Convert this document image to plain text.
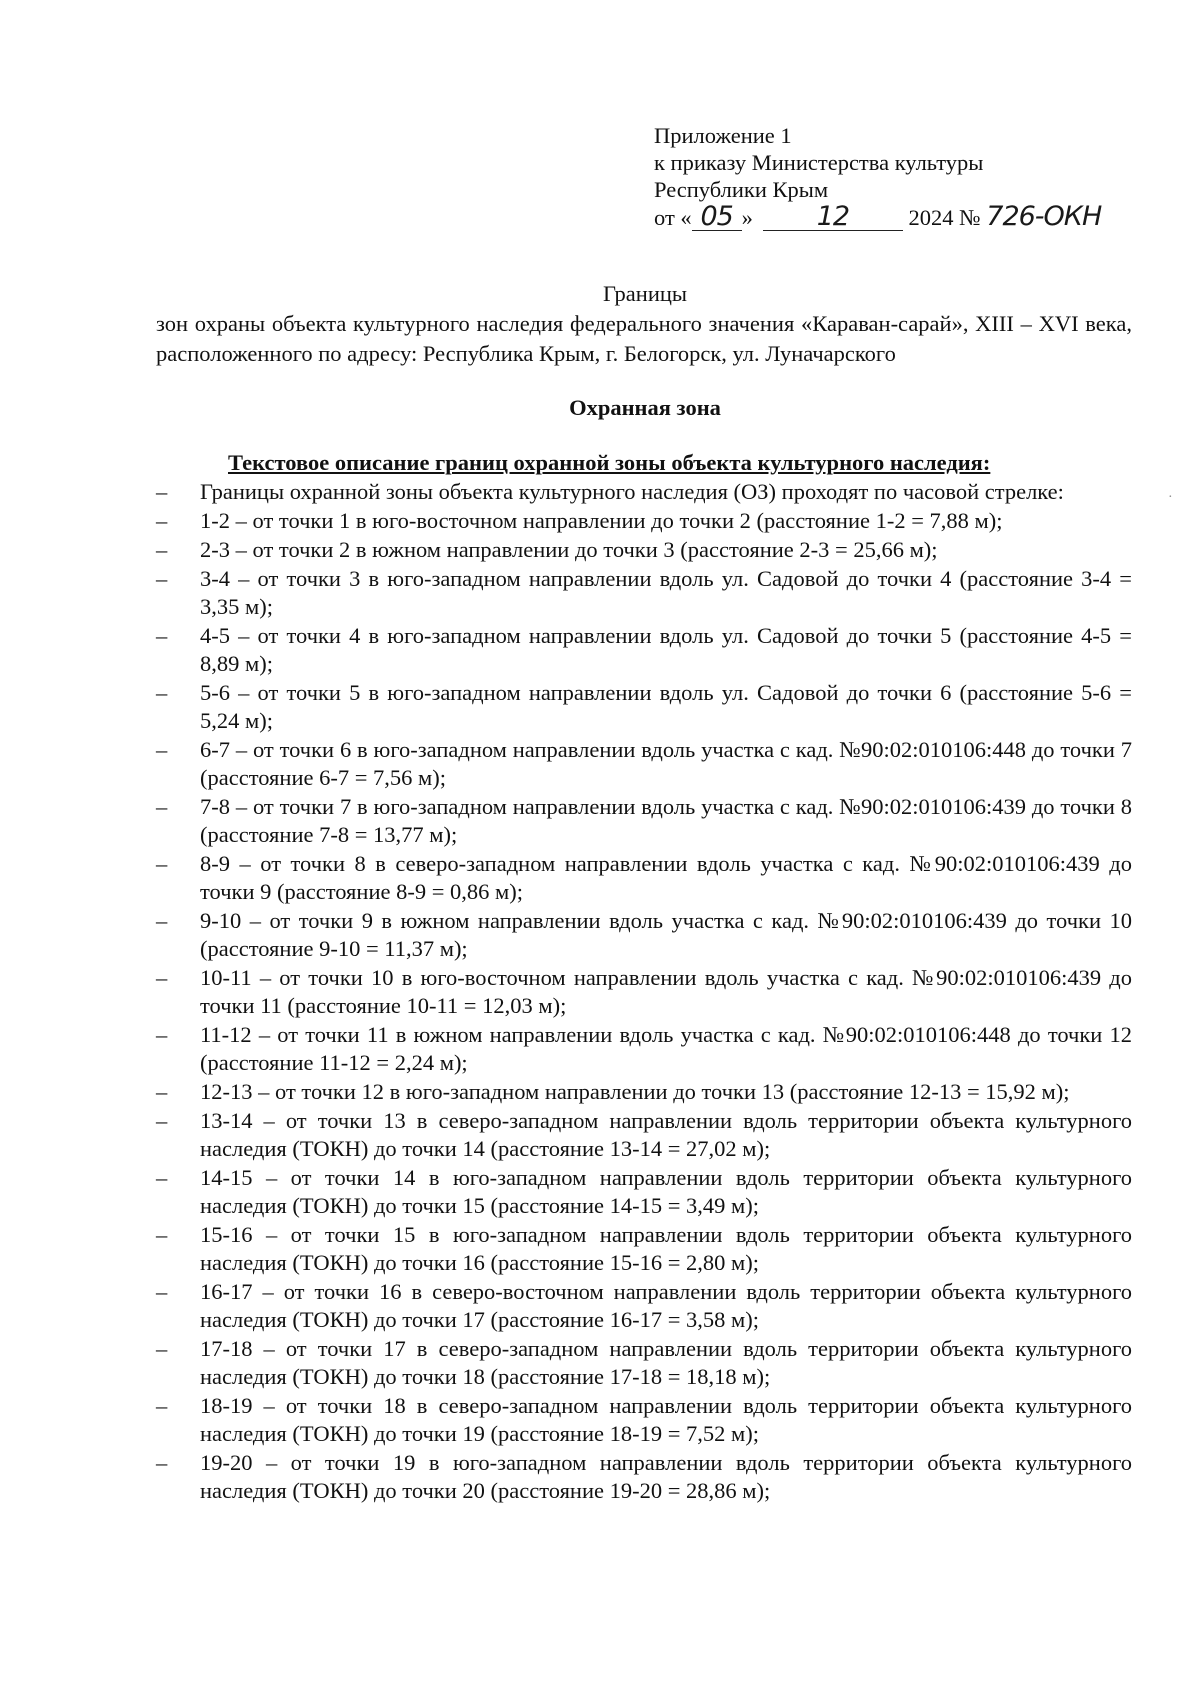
Приложение 1
к приказу Министерства культуры
Республики Крым
от « 05 » 12	2024 № 726-ОКН
Границы
зон охраны объекта культурного наследия федерального значения «Караван-сарай», XIII – XVI века, расположенного по адресу: Республика Крым, г. Белогорск, ул. Луначарского
Охранная зона
Текстовое описание границ охранной зоны объекта культурного наследия:
– Границы охранной зоны объекта культурного наследия (ОЗ) проходят по часовой стрелке:
– 1-2 – от точки 1 в юго-восточном направлении до точки 2 (расстояние 1-2 = 7,88 м);
– 2-3 – от точки 2 в южном направлении до точки 3 (расстояние 2-3 = 25,66 м);
– 3-4 – от точки 3 в юго-западном направлении вдоль ул. Садовой до точки 4 (расстояние 3-4 = 3,35 м);
– 4-5 – от точки 4 в юго-западном направлении вдоль ул. Садовой до точки 5 (расстояние 4-5 = 8,89 м);
– 5-6 – от точки 5 в юго-западном направлении вдоль ул. Садовой до точки 6 (расстояние 5-6 = 5,24 м);
– 6-7 – от точки 6 в юго-западном направлении вдоль участка с кад. №90:02:010106:448 до точки 7 (расстояние 6-7 = 7,56 м);
– 7-8 – от точки 7 в юго-западном направлении вдоль участка с кад. №90:02:010106:439 до точки 8 (расстояние 7-8 = 13,77 м);
– 8-9 – от точки 8 в северо-западном направлении вдоль участка с кад. №90:02:010106:439 до точки 9 (расстояние 8-9 = 0,86 м);
– 9-10 – от точки 9 в южном направлении вдоль участка с кад. №90:02:010106:439 до точки 10 (расстояние 9-10 = 11,37 м);
– 10-11 – от точки 10 в юго-восточном направлении вдоль участка с кад. №90:02:010106:439 до точки 11 (расстояние 10-11 = 12,03 м);
– 11-12 – от точки 11 в южном направлении вдоль участка с кад. №90:02:010106:448 до точки 12 (расстояние 11-12 = 2,24 м);
– 12-13 – от точки 12 в юго-западном направлении до точки 13 (расстояние 12-13 = 15,92 м);
– 13-14 – от точки 13 в северо-западном направлении вдоль территории объекта культурного наследия (ТОКН) до точки 14 (расстояние 13-14 = 27,02 м);
– 14-15 – от точки 14 в юго-западном направлении вдоль территории объекта культурного наследия (ТОКН) до точки 15 (расстояние 14-15 = 3,49 м);
– 15-16 – от точки 15 в юго-западном направлении вдоль территории объекта культурного наследия (ТОКН) до точки 16 (расстояние 15-16 = 2,80 м);
– 16-17 – от точки 16 в северо-восточном направлении вдоль территории объекта культурного наследия (ТОКН) до точки 17 (расстояние 16-17 = 3,58 м);
– 17-18 – от точки 17 в северо-западном направлении вдоль территории объекта культурного наследия (ТОКН) до точки 18 (расстояние 17-18 = 18,18 м);
– 18-19 – от точки 18 в северо-западном направлении вдоль территории объекта культурного наследия (ТОКН) до точки 19 (расстояние 18-19 = 7,52 м);
– 19-20 – от точки 19 в юго-западном направлении вдоль территории объекта культурного наследия (ТОКН) до точки 20 (расстояние 19-20 = 28,86 м);
·
